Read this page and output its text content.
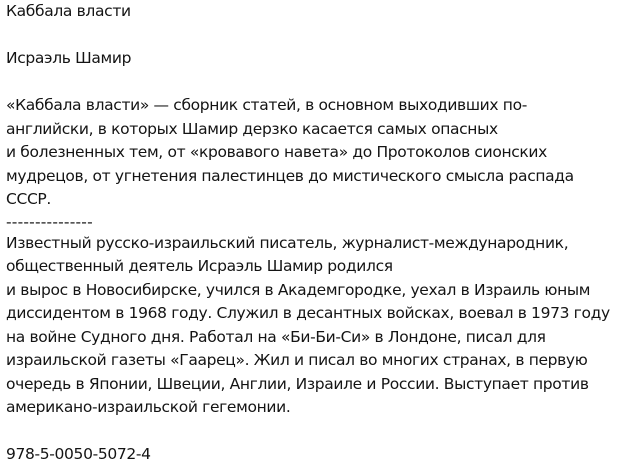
Каббала власти
Исраэль Шамир
«Каббала власти» — сборник статей, в основном выходивших по-
английски, в которых Шамир дерзко касается самых опасных
и болезненных тем, от «кровавого навета» до Протоколов сионских
мудрецов, от угнетения палестинцев до мистического смысла распада
СССР.
---------------
Известный русско-израильский писатель, журналист-международник,
общественный деятель Исраэль Шамир родился
и вырос в Новосибирске, учился в Академгородке, уехал в Израиль юным
диссидентом в 1968 году. Служил в десантных войсках, воевал в 1973 году
на войне Судного дня. Работал на «Би-Би-Си» в Лондоне, писал для
израильской газеты «Гаарец». Жил и писал во многих странах, в первую
очередь в Японии, Швеции, Англии, Израиле и России. Выступает против
американо-израильской гегемонии.
978-5-0050-5072-4
